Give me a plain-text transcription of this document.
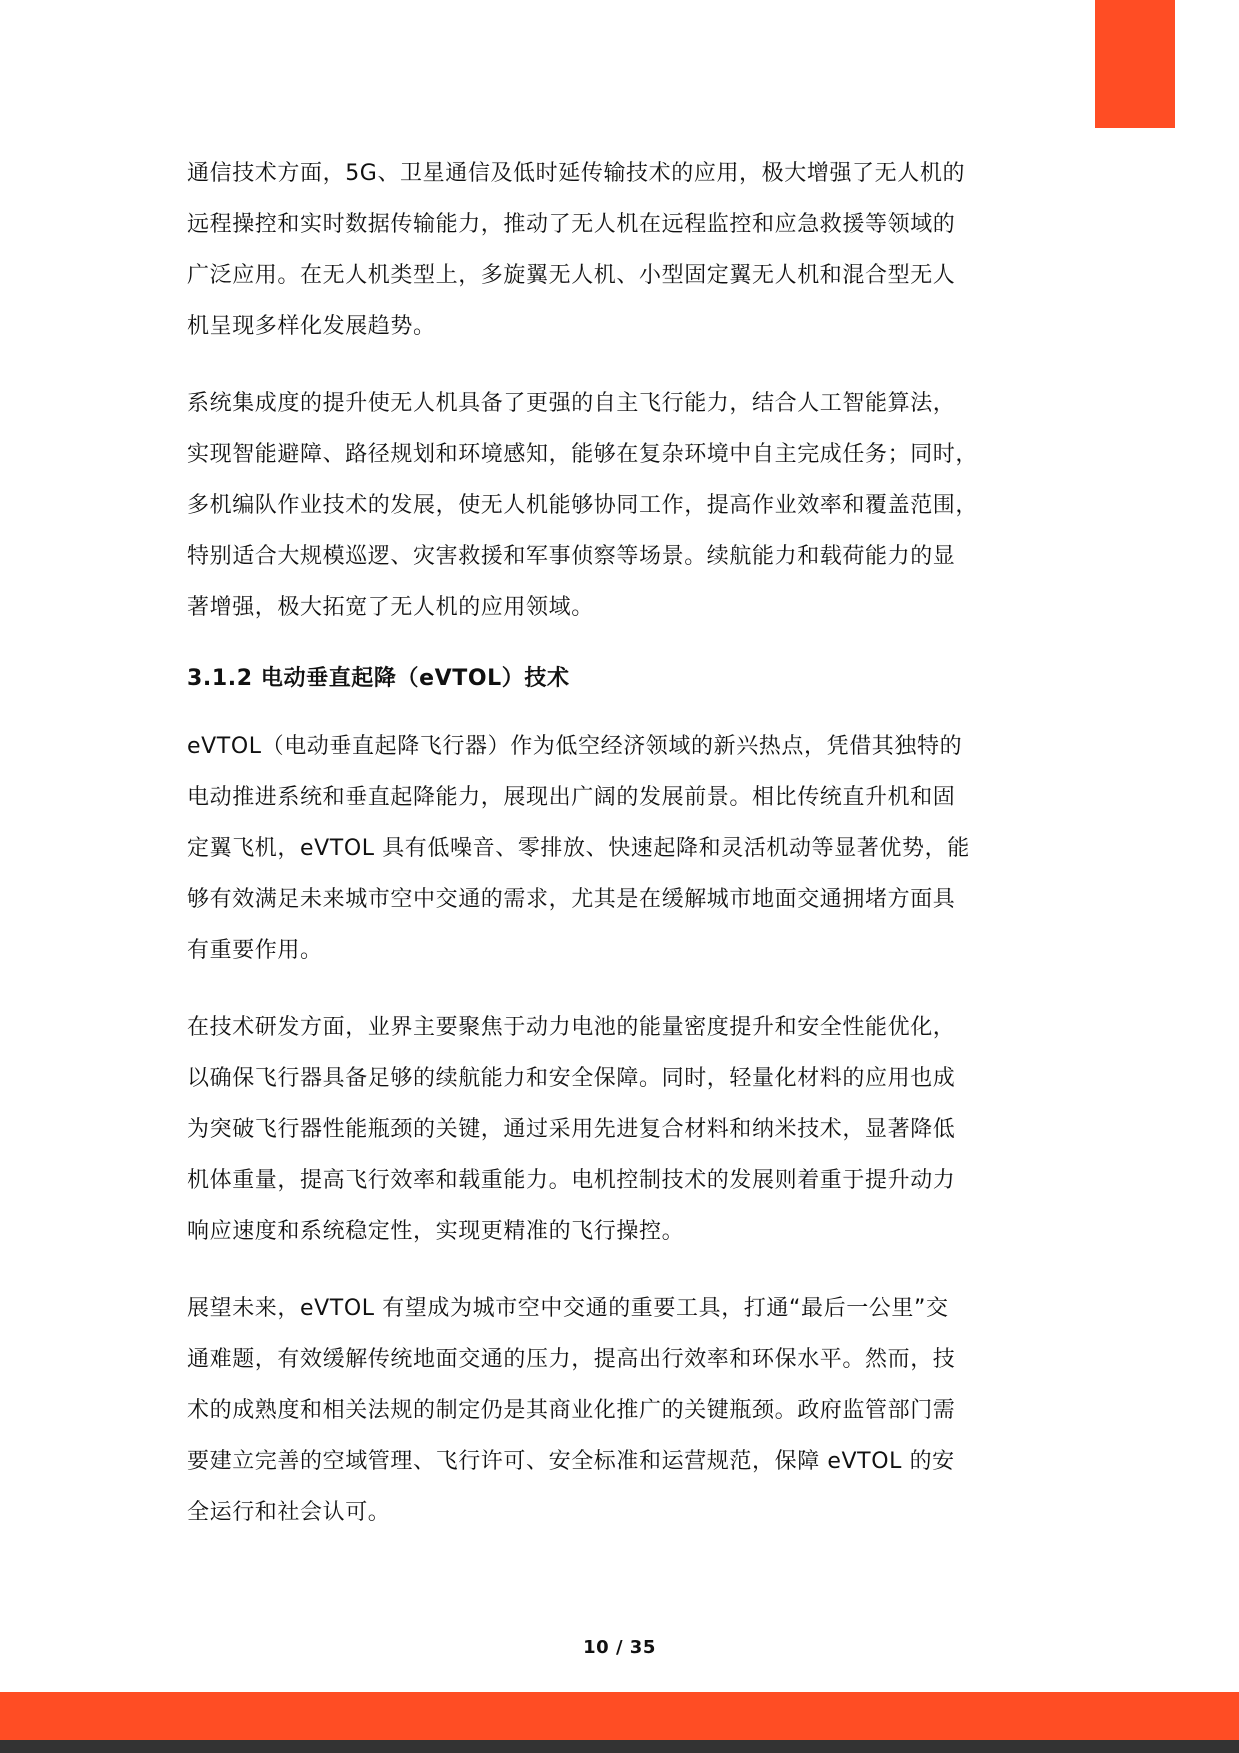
通信技术方面，5G、卫星通信及低时延传输技术的应用，极大增强了无人机的
远程操控和实时数据传输能力，推动了无人机在远程监控和应急救援等领域的
广泛应用。在无人机类型上，多旋翼无人机、小型固定翼无人机和混合型无人
机呈现多样化发展趋势。

系统集成度的提升使无人机具备了更强的自主飞行能力，结合人工智能算法，
实现智能避障、路径规划和环境感知，能够在复杂环境中自主完成任务；同时，
多机编队作业技术的发展，使无人机能够协同工作，提高作业效率和覆盖范围，
特别适合大规模巡逻、灾害救援和军事侦察等场景。续航能力和载荷能力的显
著增强，极大拓宽了无人机的应用领域。

3.1.2 电动垂直起降（eVTOL）技术

eVTOL（电动垂直起降飞行器）作为低空经济领域的新兴热点，凭借其独特的
电动推进系统和垂直起降能力，展现出广阔的发展前景。相比传统直升机和固
定翼飞机，eVTOL 具有低噪音、零排放、快速起降和灵活机动等显著优势，能
够有效满足未来城市空中交通的需求，尤其是在缓解城市地面交通拥堵方面具
有重要作用。

在技术研发方面，业界主要聚焦于动力电池的能量密度提升和安全性能优化，
以确保飞行器具备足够的续航能力和安全保障。同时，轻量化材料的应用也成
为突破飞行器性能瓶颈的关键，通过采用先进复合材料和纳米技术，显著降低
机体重量，提高飞行效率和载重能力。电机控制技术的发展则着重于提升动力
响应速度和系统稳定性，实现更精准的飞行操控。

展望未来，eVTOL 有望成为城市空中交通的重要工具，打通“最后一公里”交
通难题，有效缓解传统地面交通的压力，提高出行效率和环保水平。然而，技
术的成熟度和相关法规的制定仍是其商业化推广的关键瓶颈。政府监管部门需
要建立完善的空域管理、飞行许可、安全标准和运营规范，保障 eVTOL 的安
全运行和社会认可。

10 / 35
